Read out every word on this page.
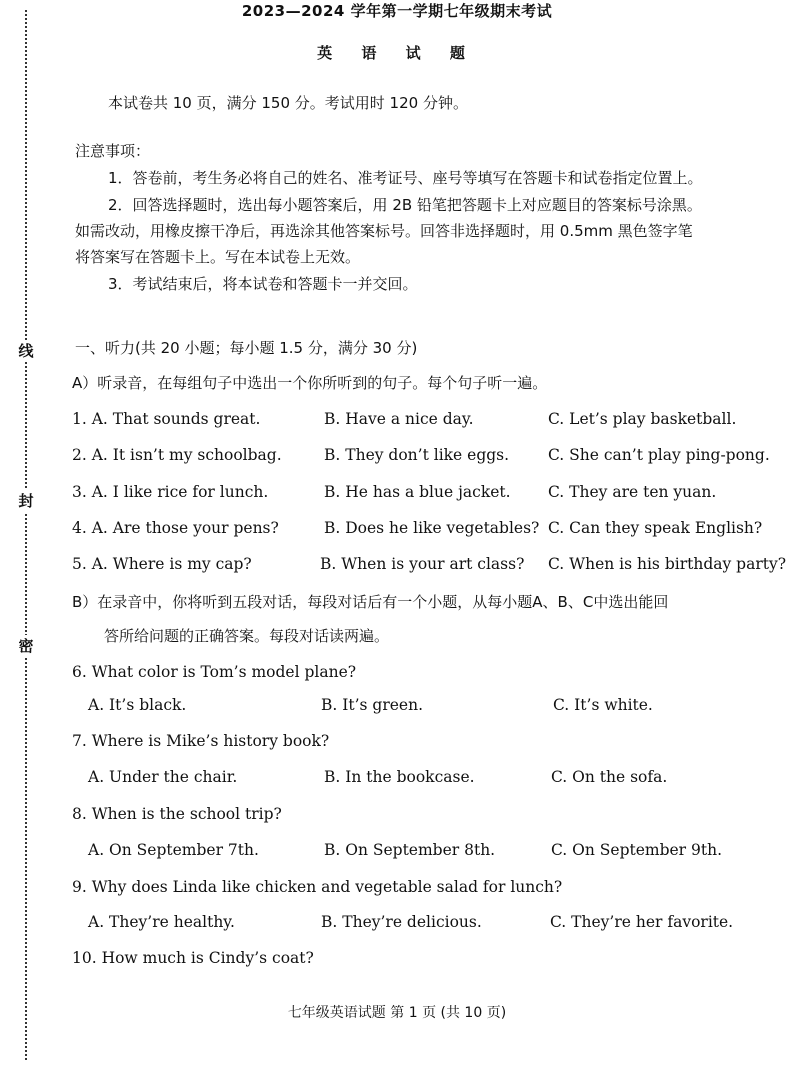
线
封
密
2023—2024 学年第一学期七年级期末考试
英 语 试 题
本试卷共 10 页，满分 150 分。考试用时 120 分钟。
注意事项：
1．答卷前，考生务必将自己的姓名、准考证号、座号等填写在答题卡和试卷指定位置上。
2．回答选择题时，选出每小题答案后，用 2B 铅笔把答题卡上对应题目的答案标号涂黑。
如需改动，用橡皮擦干净后，再选涂其他答案标号。回答非选择题时，用 0.5mm 黑色签字笔
将答案写在答题卡上。写在本试卷上无效。
3．考试结束后，将本试卷和答题卡一并交回。
一、听力(共 20 小题；每小题 1.5 分，满分 30 分)
A）听录音，在每组句子中选出一个你所听到的句子。每个句子听一遍。
1. A. That sounds great.	B. Have a nice day.	C. Let’s play basketball.
2. A. It isn’t my schoolbag.	B. They don’t like eggs.	C. She can’t play ping-pong.
3. A. I like rice for lunch.	B. He has a blue jacket. C. They are ten yuan.
4. A. Are those your pens?	B. Does he like vegetables? C. Can they speak English?
5. A. Where is my cap?	B. When is your art class? C. When is his birthday party?
B）在录音中，你将听到五段对话，每段对话后有一个小题，从每小题A、B、C中选出能回
答所给问题的正确答案。每段对话读两遍。
6. What color is Tom’s model plane?
A. It’s black.	B. It’s green.	C. It’s white.
7. Where is Mike’s history book?
A. Under the chair.	B. In the bookcase.	C. On the sofa.
8. When is the school trip?
A. On September 7th.	B. On September 8th.	C. On September 9th.
9. Why does Linda like chicken and vegetable salad for lunch?
A. They’re healthy.	B. They’re delicious.	C. They’re her favorite.
10. How much is Cindy’s coat?
七年级英语试题 第 1 页 (共 10 页)
